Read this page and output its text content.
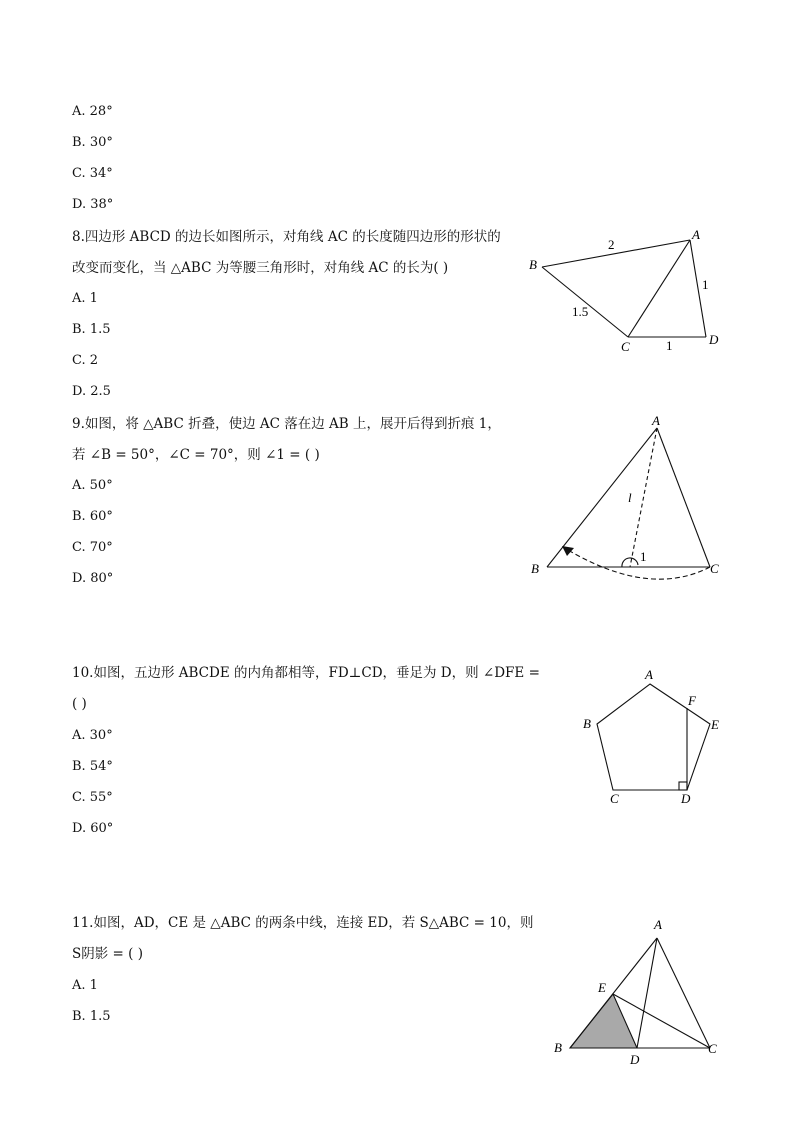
A. 28°
B. 30°
C. 34°
D. 38°
8.四边形 ABCD 的边长如图所示，对角线 AC 的长度随四边形的形状的
改变而变化，当 △ABC 为等腰三角形时，对角线 AC 的长为( )
A. 1
B. 1.5
C. 2
D. 2.5
A
B
C	D
2
1.5
1
1
9.如图，将 △ABC 折叠，使边 AC 落在边 AB 上，展开后得到折痕 1，
若 ∠B = 50°，∠C = 70°，则 ∠1 = ( )
A. 50°
B. 60°
C. 70°
D. 80°
A
B	C
l
1
10.如图，五边形 ABCDE 的内角都相等，FD⊥CD，垂足为 D，则 ∠DFE =
( )
A. 30°
B. 54°
C. 55°
D. 60°
A
B
C	D
E
F
11.如图，AD，CE 是 △ABC 的两条中线，连接 ED，若 S△ABC = 10，则
S阴影 = ( )
A. 1
B. 1.5
A
B	C
D
E
